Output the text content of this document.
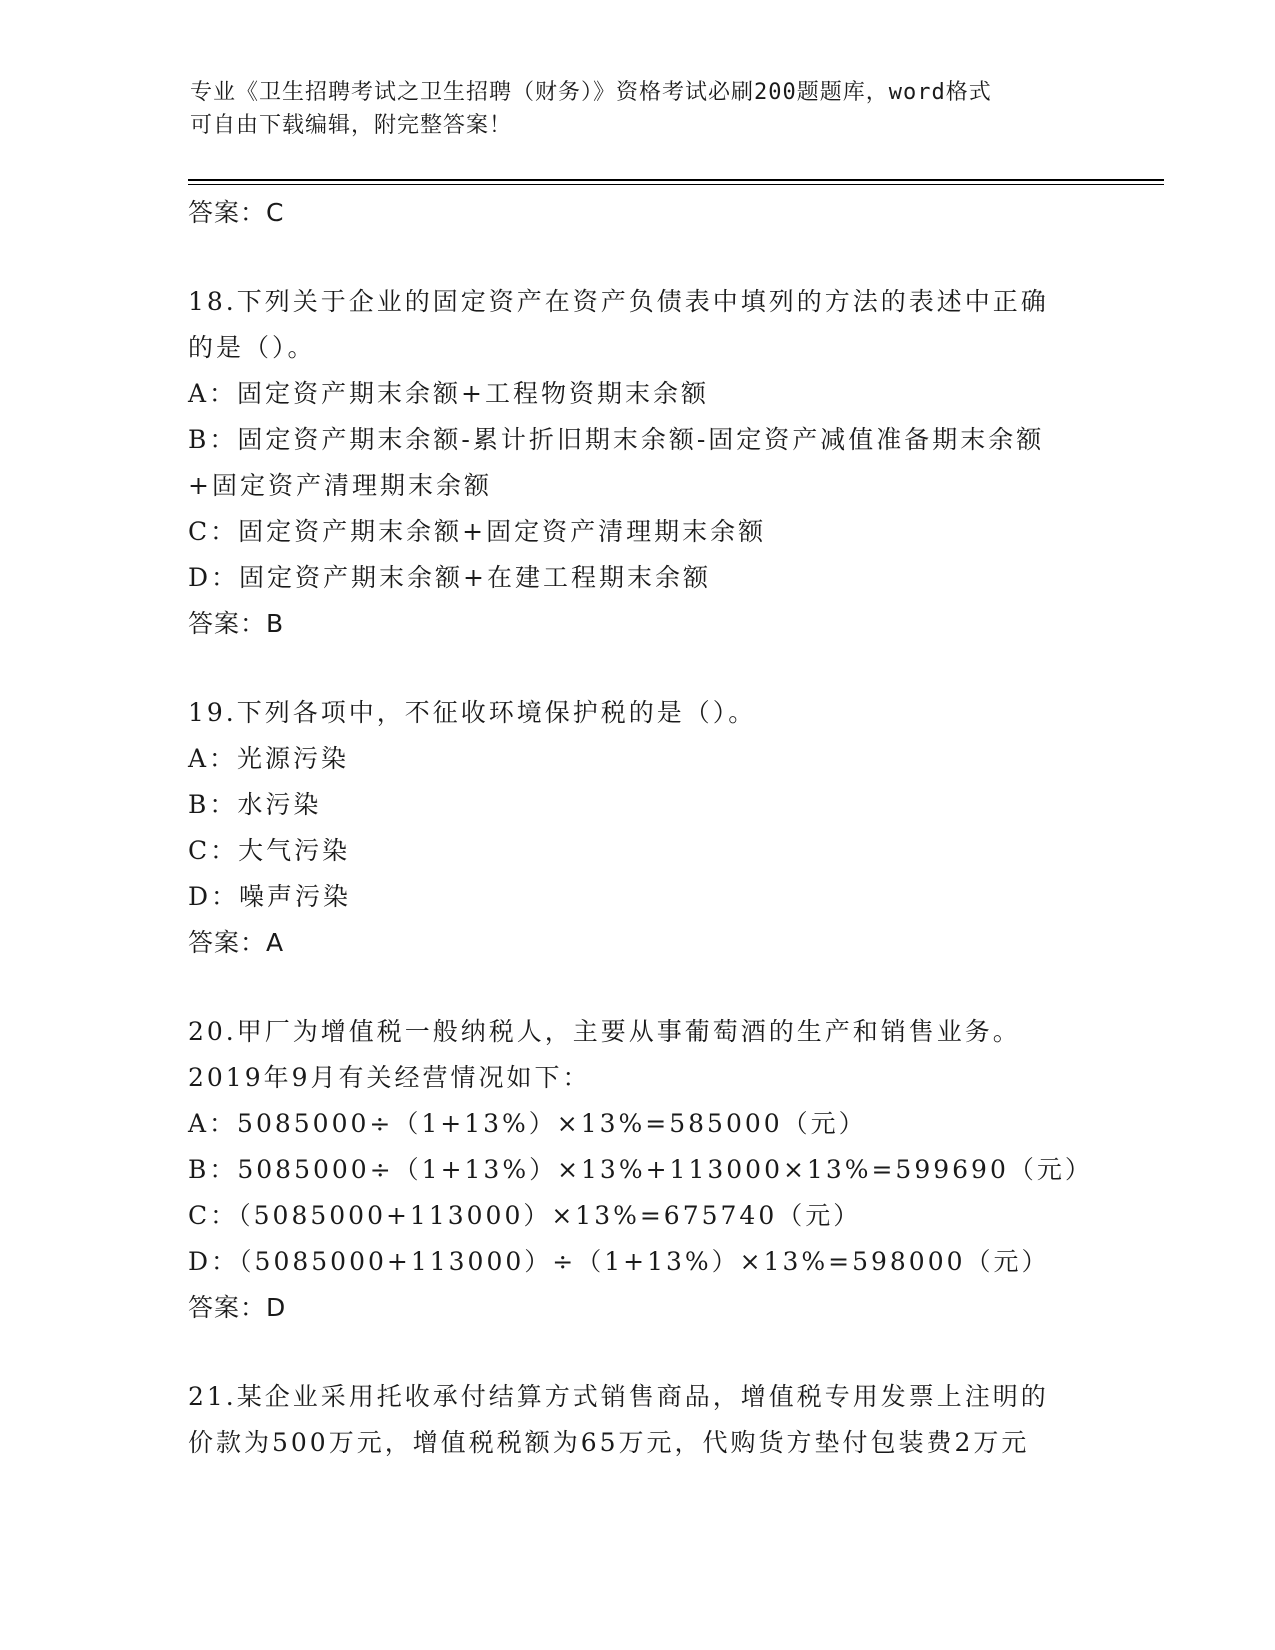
专业《卫生招聘考试之卫生招聘（财务）》资格考试必刷200题题库，word格式
可自由下载编辑，附完整答案！
答案：C
18.下列关于企业的固定资产在资产负债表中填列的方法的表述中正确
的是（）。
A：固定资产期末余额+工程物资期末余额
B：固定资产期末余额-累计折旧期末余额-固定资产减值准备期末余额
+固定资产清理期末余额
C：固定资产期末余额+固定资产清理期末余额
D：固定资产期末余额+在建工程期末余额
答案：B
19.下列各项中，不征收环境保护税的是（）。
A：光源污染
B：水污染
C：大气污染
D：噪声污染
答案：A
20.甲厂为增值税一般纳税人，主要从事葡萄酒的生产和销售业务。
2019年9月有关经营情况如下：
A：5085000÷（1+13%）×13%=585000（元）
B：5085000÷（1+13%）×13%+113000×13%=599690（元）
C：（5085000+113000）×13%=675740（元）
D：（5085000+113000）÷（1+13%）×13%=598000（元）
答案：D
21.某企业采用托收承付结算方式销售商品，增值税专用发票上注明的
价款为500万元，增值税税额为65万元，代购货方垫付包装费2万元
